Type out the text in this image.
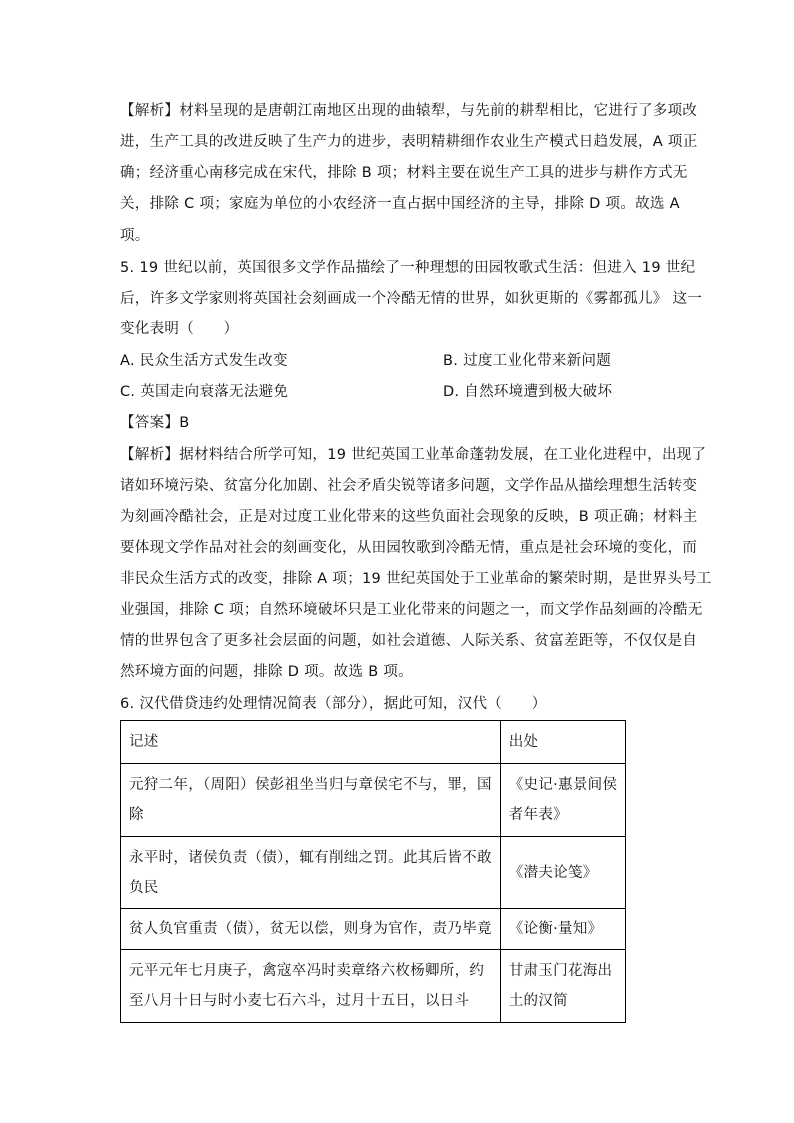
【解析】材料呈现的是唐朝江南地区出现的曲辕犁，与先前的耕犁相比，它进行了多项改
进，生产工具的改进反映了生产力的进步，表明精耕细作农业生产模式日趋发展，A 项正
确；经济重心南移完成在宋代，排除 B 项；材料主要在说生产工具的进步与耕作方式无
关，排除 C 项；家庭为单位的小农经济一直占据中国经济的主导，排除 D 项。故选 A
项。
5. 19 世纪以前，英国很多文学作品描绘了一种理想的田园牧歌式生活：但进入 19 世纪
后，许多文学家则将英国社会刻画成一个冷酷无情的世界，如狄更斯的《雾都孤儿》 这一
变化表明（　　）
A. 民众生活方式发生改变	B. 过度工业化带来新问题
C. 英国走向衰落无法避免	D. 自然环境遭到极大破坏
【答案】B
【解析】据材料结合所学可知，19 世纪英国工业革命蓬勃发展，在工业化进程中，出现了
诸如环境污染、贫富分化加剧、社会矛盾尖锐等诸多问题，文学作品从描绘理想生活转变
为刻画冷酷社会，正是对过度工业化带来的这些负面社会现象的反映，B 项正确；材料主
要体现文学作品对社会的刻画变化，从田园牧歌到冷酷无情，重点是社会环境的变化，而
非民众生活方式的改变，排除 A 项；19 世纪英国处于工业革命的繁荣时期，是世界头号工
业强国，排除 C 项；自然环境破坏只是工业化带来的问题之一，而文学作品刻画的冷酷无
情的世界包含了更多社会层面的问题，如社会道德、人际关系、贫富差距等，不仅仅是自
然环境方面的问题，排除 D 项。故选 B 项。
6. 汉代借贷违约处理情况简表（部分），据此可知，汉代（　　）
记述	出处

元狩二年，（周阳）侯彭祖坐当归与章侯宅不与，罪，国
除	《史记·惠景间侯
者年表》

永平时，诸侯负责（债），辄有削绌之罚。此其后皆不敢
负民	《潜夫论笺》

贫人负官重责（债），贫无以偿，则身为官作，责乃毕竟	《论衡·量知》

元平元年七月庚子，禽寇卒冯时卖章络六枚杨卿所，约
至八月十日与时小麦七石六斗，过月十五日，以日斗	甘肃玉门花海出
土的汉简
